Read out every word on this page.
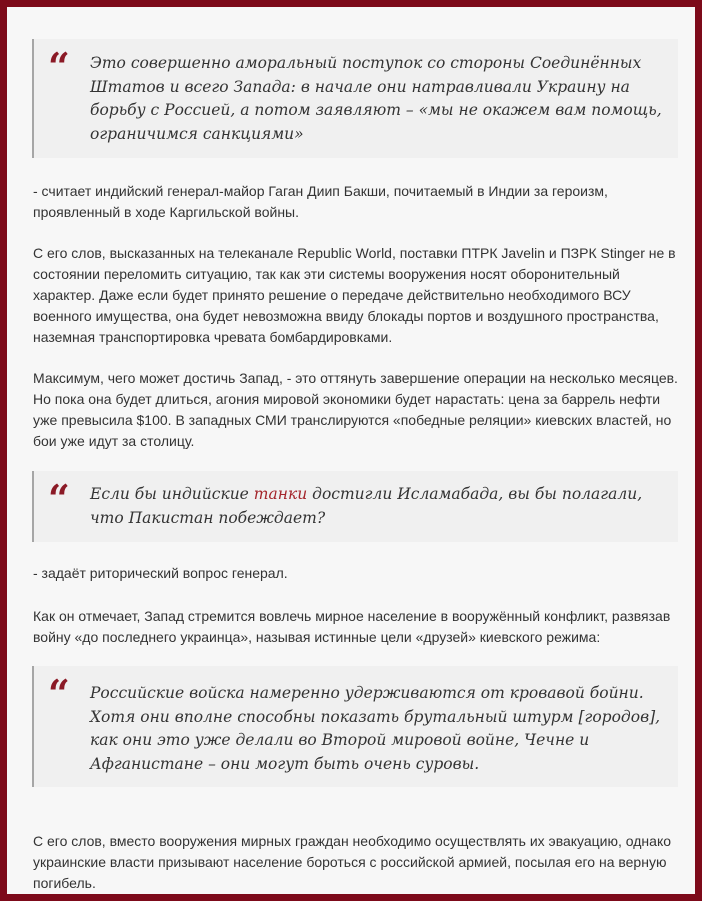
“ Это совершенно аморальный поступок со стороны Соединённых Штатов и всего Запада: в начале они натравливали Украину на борьбу с Россией, а потом заявляют – «мы не окажем вам помощь, ограничимся санкциями»

- считает индийский генерал-майор Гаган Диип Бакши, почитаемый в Индии за героизм, проявленный в ходе Каргильской войны.

С его слов, высказанных на телеканале Republic World, поставки ПТРК Javelin и ПЗРК Stinger не в состоянии переломить ситуацию, так как эти системы вооружения носят оборонительный характер. Даже если будет принято решение о передаче действительно необходимого ВСУ военного имущества, она будет невозможна ввиду блокады портов и воздушного пространства, наземная транспортировка чревата бомбардировками.

Максимум, чего может достичь Запад, - это оттянуть завершение операции на несколько месяцев. Но пока она будет длиться, агония мировой экономики будет нарастать: цена за баррель нефти уже превысила $100. В западных СМИ транслируются «победные реляции» киевских властей, но бои уже идут за столицу.

“ Если бы индийские танки достигли Исламабада, вы бы полагали, что Пакистан побеждает?

- задаёт риторический вопрос генерал.

Как он отмечает, Запад стремится вовлечь мирное население в вооружённый конфликт, развязав войну «до последнего украинца», называя истинные цели «друзей» киевского режима:

“ Российские войска намеренно удерживаются от кровавой бойни. Хотя они вполне способны показать брутальный штурм [городов], как они это уже делали во Второй мировой войне, Чечне и Афганистане – они могут быть очень суровы.

С его слов, вместо вооружения мирных граждан необходимо осуществлять их эвакуацию, однако украинские власти призывают население бороться с российской армией, посылая его на верную погибель.
